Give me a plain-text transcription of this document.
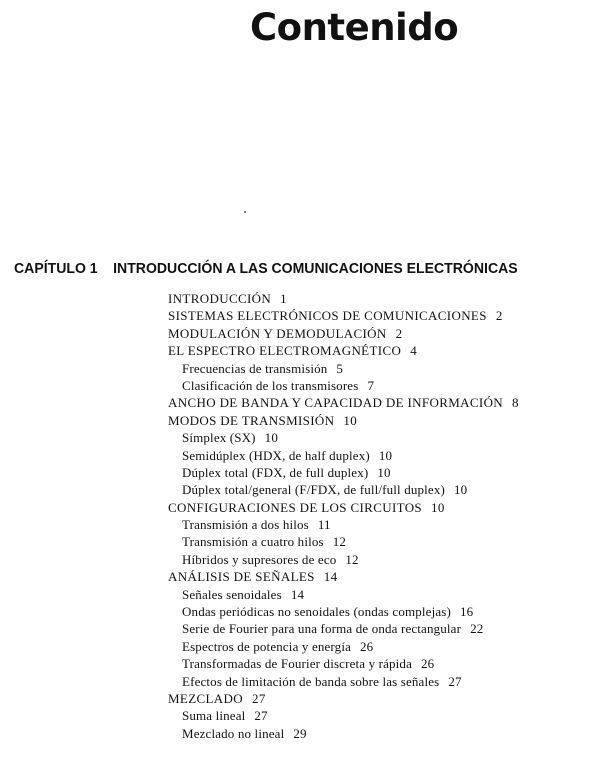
Contenido
CAPÍTULO 1 INTRODUCCIÓN A LAS COMUNICACIONES ELECTRÓNICAS
INTRODUCCIÓN 1
SISTEMAS ELECTRÓNICOS DE COMUNICACIONES 2
MODULACIÓN Y DEMODULACIÓN 2
EL ESPECTRO ELECTROMAGNÉTICO 4
Frecuencias de transmisión 5
Clasificación de los transmisores 7
ANCHO DE BANDA Y CAPACIDAD DE INFORMACIÓN 8
MODOS DE TRANSMISIÓN 10
Símplex (SX) 10
Semidúplex (HDX, de half duplex) 10
Dúplex total (FDX, de full duplex) 10
Dúplex total/general (F/FDX, de full/full duplex) 10
CONFIGURACIONES DE LOS CIRCUITOS 10
Transmisión a dos hilos 11
Transmisión a cuatro hilos 12
Híbridos y supresores de eco 12
ANÁLISIS DE SEÑALES 14
Señales senoidales 14
Ondas periódicas no senoidales (ondas complejas) 16
Serie de Fourier para una forma de onda rectangular 22
Espectros de potencia y energía 26
Transformadas de Fourier discreta y rápida 26
Efectos de limitación de banda sobre las señales 27
MEZCLADO 27
Suma lineal 27
Mezclado no lineal 29
